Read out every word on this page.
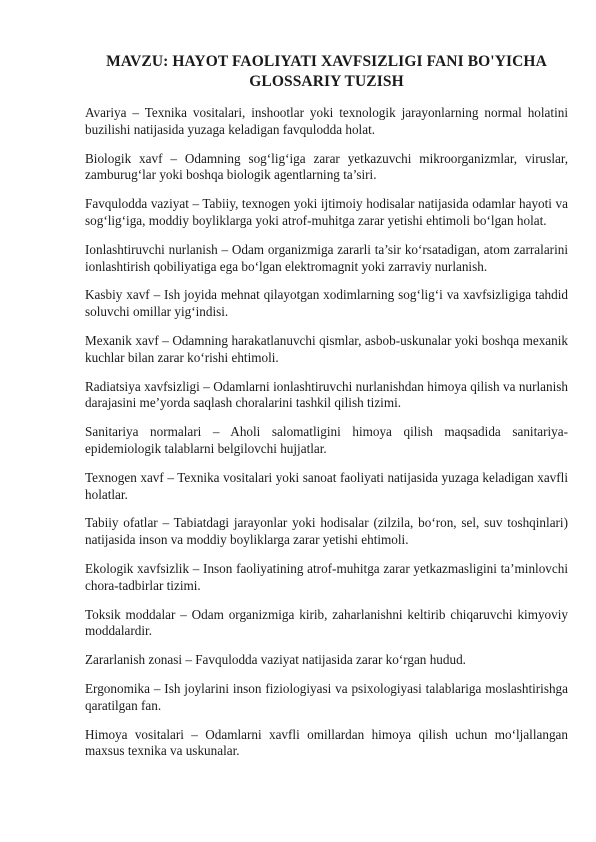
MAVZU: HAYOT FAOLIYATI XAVFSIZLIGI FANI BO'YICHA GLOSSARIY TUZISH

Avariya – Texnika vositalari, inshootlar yoki texnologik jarayonlarning normal holatini buzilishi natijasida yuzaga keladigan favqulodda holat.

Biologik xavf – Odamning sog‘lig‘iga zarar yetkazuvchi mikroorganizmlar, viruslar, zamburug‘lar yoki boshqa biologik agentlarning ta’siri.

Favqulodda vaziyat – Tabiiy, texnogen yoki ijtimoiy hodisalar natijasida odamlar hayoti va sog‘lig‘iga, moddiy boyliklarga yoki atrof-muhitga zarar yetishi ehtimoli bo‘lgan holat.

Ionlashtiruvchi nurlanish – Odam organizmiga zararli ta’sir ko‘rsatadigan, atom zarralarini ionlashtirish qobiliyatiga ega bo‘lgan elektromagnit yoki zarraviy nurlanish.

Kasbiy xavf – Ish joyida mehnat qilayotgan xodimlarning sog‘lig‘i va xavfsizligiga tahdid soluvchi omillar yig‘indisi.

Mexanik xavf – Odamning harakatlanuvchi qismlar, asbob-uskunalar yoki boshqa mexanik kuchlar bilan zarar ko‘rishi ehtimoli.

Radiatsiya xavfsizligi – Odamlarni ionlashtiruvchi nurlanishdan himoya qilish va nurlanish darajasini me’yorda saqlash choralarini tashkil qilish tizimi.

Sanitariya normalari – Aholi salomatligini himoya qilish maqsadida sanitariya-epidemiologik talablarni belgilovchi hujjatlar.

Texnogen xavf – Texnika vositalari yoki sanoat faoliyati natijasida yuzaga keladigan xavfli holatlar.

Tabiiy ofatlar – Tabiatdagi jarayonlar yoki hodisalar (zilzila, bo‘ron, sel, suv toshqinlari) natijasida inson va moddiy boyliklarga zarar yetishi ehtimoli.

Ekologik xavfsizlik – Inson faoliyatining atrof-muhitga zarar yetkazmasligini ta’minlovchi chora-tadbirlar tizimi.

Toksik moddalar – Odam organizmiga kirib, zaharlanishni keltirib chiqaruvchi kimyoviy moddalardir.

Zararlanish zonasi – Favqulodda vaziyat natijasida zarar ko‘rgan hudud.

Ergonomika – Ish joylarini inson fiziologiyasi va psixologiyasi talablariga moslashtirishga qaratilgan fan.

Himoya vositalari – Odamlarni xavfli omillardan himoya qilish uchun mo‘ljallangan maxsus texnika va uskunalar.
